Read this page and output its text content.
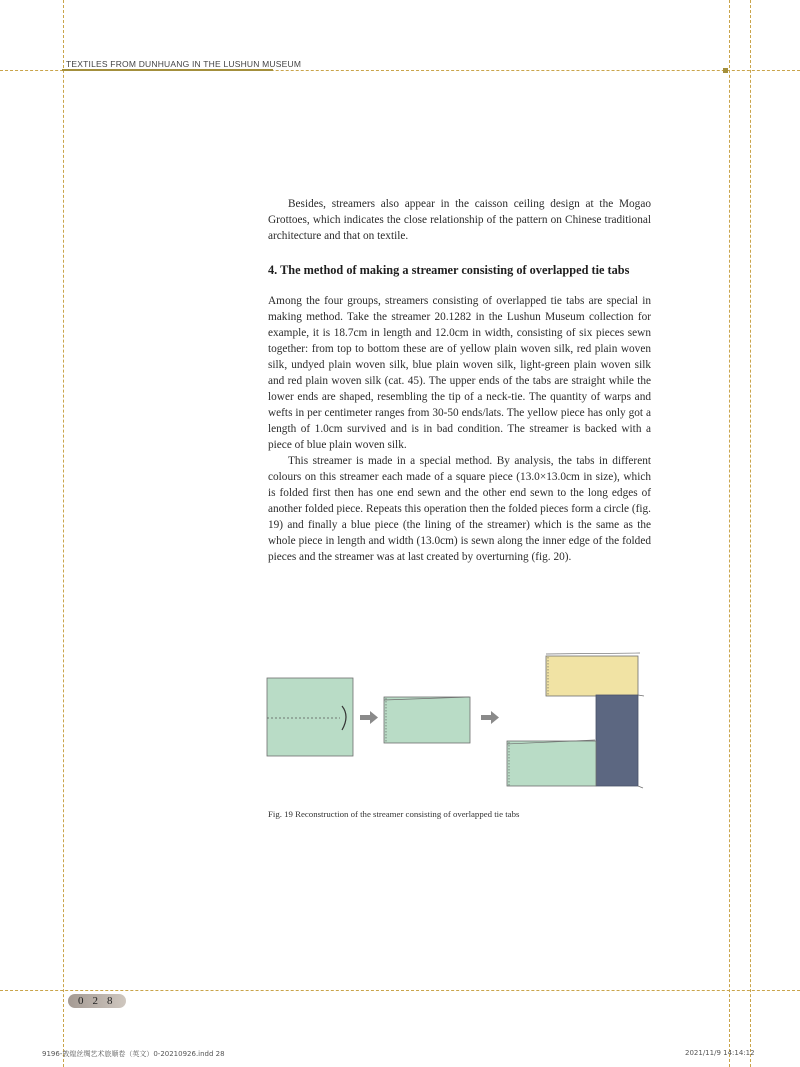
TEXTILES FROM DUNHUANG IN THE LUSHUN MUSEUM

Besides, streamers also appear in the caisson ceiling design at the Mogao Grottoes, which indicates the close relationship of the pattern on Chinese traditional architecture and that on textile.

4. The method of making a streamer consisting of overlapped tie tabs

Among the four groups, streamers consisting of overlapped tie tabs are special in making method. Take the streamer 20.1282 in the Lushun Museum collection for example, it is 18.7cm in length and 12.0cm in width, consisting of six pieces sewn together: from top to bottom these are of yellow plain woven silk, red plain woven silk, undyed plain woven silk, blue plain woven silk, light-green plain woven silk and red plain woven silk (cat. 45). The upper ends of the tabs are straight while the lower ends are shaped, resembling the tip of a neck-tie. The quantity of warps and wefts in per centimeter ranges from 30-50 ends/lats. The yellow piece has only got a length of 1.0cm survived and is in bad condition. The streamer is backed with a piece of blue plain woven silk.

This streamer is made in a special method. By analysis, the tabs in different colours on this streamer each made of a square piece (13.0×13.0cm in size), which is folded first then has one end sewn and the other end sewn to the long edges of another folded piece. Repeats this operation then the folded pieces form a circle (fig. 19) and finally a blue piece (the lining of the streamer) which is the same as the whole piece in length and width (13.0cm) is sewn along the inner edge of the folded pieces and the streamer was at last created by overturning (fig. 20).

Fig. 19 Reconstruction of the streamer consisting of overlapped tie tabs
028
9196-敦煌丝绸艺术旅顺卷（英文）0-20210926.indd 28	2021/11/9 14:14:12
